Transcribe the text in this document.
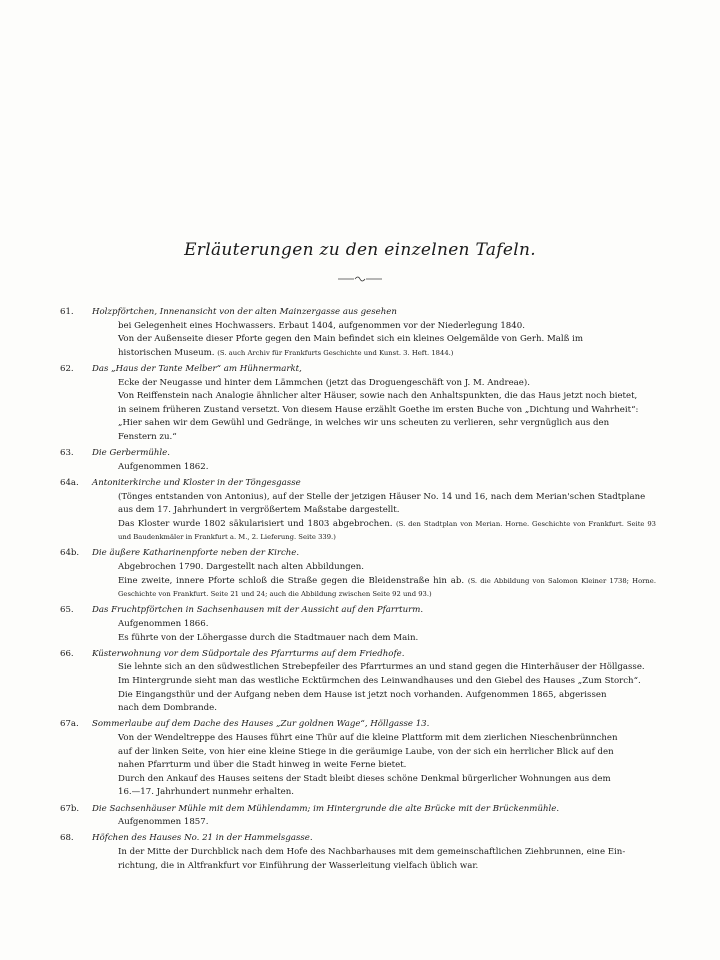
Erläuterungen zu den einzelnen Tafeln.
61.	Holzpförtchen, Innenansicht von der alten Mainzergasse aus gesehen
bei Gelegenheit eines Hochwassers. Erbaut 1404, aufgenommen vor der Niederlegung 1840.
Von der Außenseite dieser Pforte gegen den Main befindet sich ein kleines Oelgemälde von Gerh. Malß im
historischen Museum. (S. auch Archiv für Frankfurts Geschichte und Kunst. 3. Heft. 1844.)
62.	Das „Haus der Tante Melber“ am Hühnermarkt,
Ecke der Neugasse und hinter dem Lämmchen (jetzt das Droguengeschäft von J. M. Andreae).
Von Reiffenstein nach Analogie ähnlicher alter Häuser, sowie nach den Anhaltspunkten, die das Haus jetzt noch bietet,
in seinem früheren Zustand versetzt. Von diesem Hause erzählt Goethe im ersten Buche von „Dichtung und Wahrheit“:
„Hier sahen wir dem Gewühl und Gedränge, in welches wir uns scheuten zu verlieren, sehr vergnüglich aus den
Fenstern zu.“
63.	Die Gerbermühle.
Aufgenommen 1862.
64a.	Antoniterkirche und Kloster in der Töngesgasse
(Tönges entstanden von Antonius), auf der Stelle der jetzigen Häuser No. 14 und 16, nach dem Merian'schen Stadtplane
aus dem 17. Jahrhundert in vergrößertem Maßstabe dargestellt.
Das Kloster wurde 1802 säkularisiert und 1803 abgebrochen. (S. den Stadtplan von Merian. Horne. Geschichte von Frankfurt. Seite 93 und Baudenkmäler in Frankfurt a. M., 2. Lieferung. Seite 339.)
64b.	Die äußere Katharinenpforte neben der Kirche.
Abgebrochen 1790. Dargestellt nach alten Abbildungen.
Eine zweite, innere Pforte schloß die Straße gegen die Bleidenstraße hin ab. (S. die Abbildung von Salomon Kleiner 1738; Horne. Geschichte von Frankfurt. Seite 21 und 24; auch die Abbildung zwischen Seite 92 und 93.)
65.	Das Fruchtpförtchen in Sachsenhausen mit der Aussicht auf den Pfarrturm.
Aufgenommen 1866.
Es führte von der Löhergasse durch die Stadtmauer nach dem Main.
66.	Küsterwohnung vor dem Südportale des Pfarrturms auf dem Friedhofe.
Sie lehnte sich an den südwestlichen Strebepfeiler des Pfarrturmes an und stand gegen die Hinterhäuser der Höllgasse.
Im Hintergrunde sieht man das westliche Ecktürmchen des Leinwandhauses und den Giebel des Hauses „Zum Storch“.
Die Eingangsthür und der Aufgang neben dem Hause ist jetzt noch vorhanden. Aufgenommen 1865, abgerissen
nach dem Dombrande.
67a.	Sommerlaube auf dem Dache des Hauses „Zur goldnen Wage“, Höllgasse 13.
Von der Wendeltreppe des Hauses führt eine Thür auf die kleine Plattform mit dem zierlichen Nieschenbrünnchen
auf der linken Seite, von hier eine kleine Stiege in die geräumige Laube, von der sich ein herrlicher Blick auf den
nahen Pfarrturm und über die Stadt hinweg in weite Ferne bietet.
Durch den Ankauf des Hauses seitens der Stadt bleibt dieses schöne Denkmal bürgerlicher Wohnungen aus dem
16.—17. Jahrhundert nunmehr erhalten.
67b.	Die Sachsenhäuser Mühle mit dem Mühlendamm; im Hintergrunde die alte Brücke mit der Brückenmühle.
Aufgenommen 1857.
68.	Höfchen des Hauses No. 21 in der Hammelsgasse.
In der Mitte der Durchblick nach dem Hofe des Nachbarhauses mit dem gemeinschaftlichen Ziehbrunnen, eine Ein-
richtung, die in Altfrankfurt vor Einführung der Wasserleitung vielfach üblich war.
